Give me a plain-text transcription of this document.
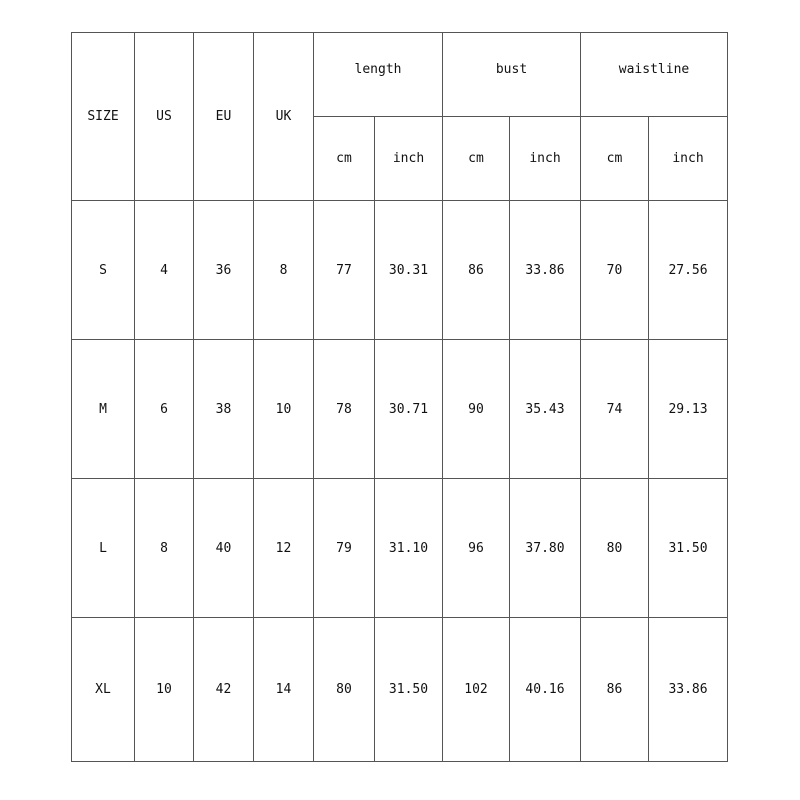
SIZE	US	EU	UK	length		bust		waistline	
				cm	inch	cm	inch	cm	inch
S	4	36	8	77	30.31	86	33.86	70	27.56
M	6	38	10	78	30.71	90	35.43	74	29.13
L	8	40	12	79	31.10	96	37.80	80	31.50
XL	10	42	14	80	31.50	102	40.16	86	33.86
